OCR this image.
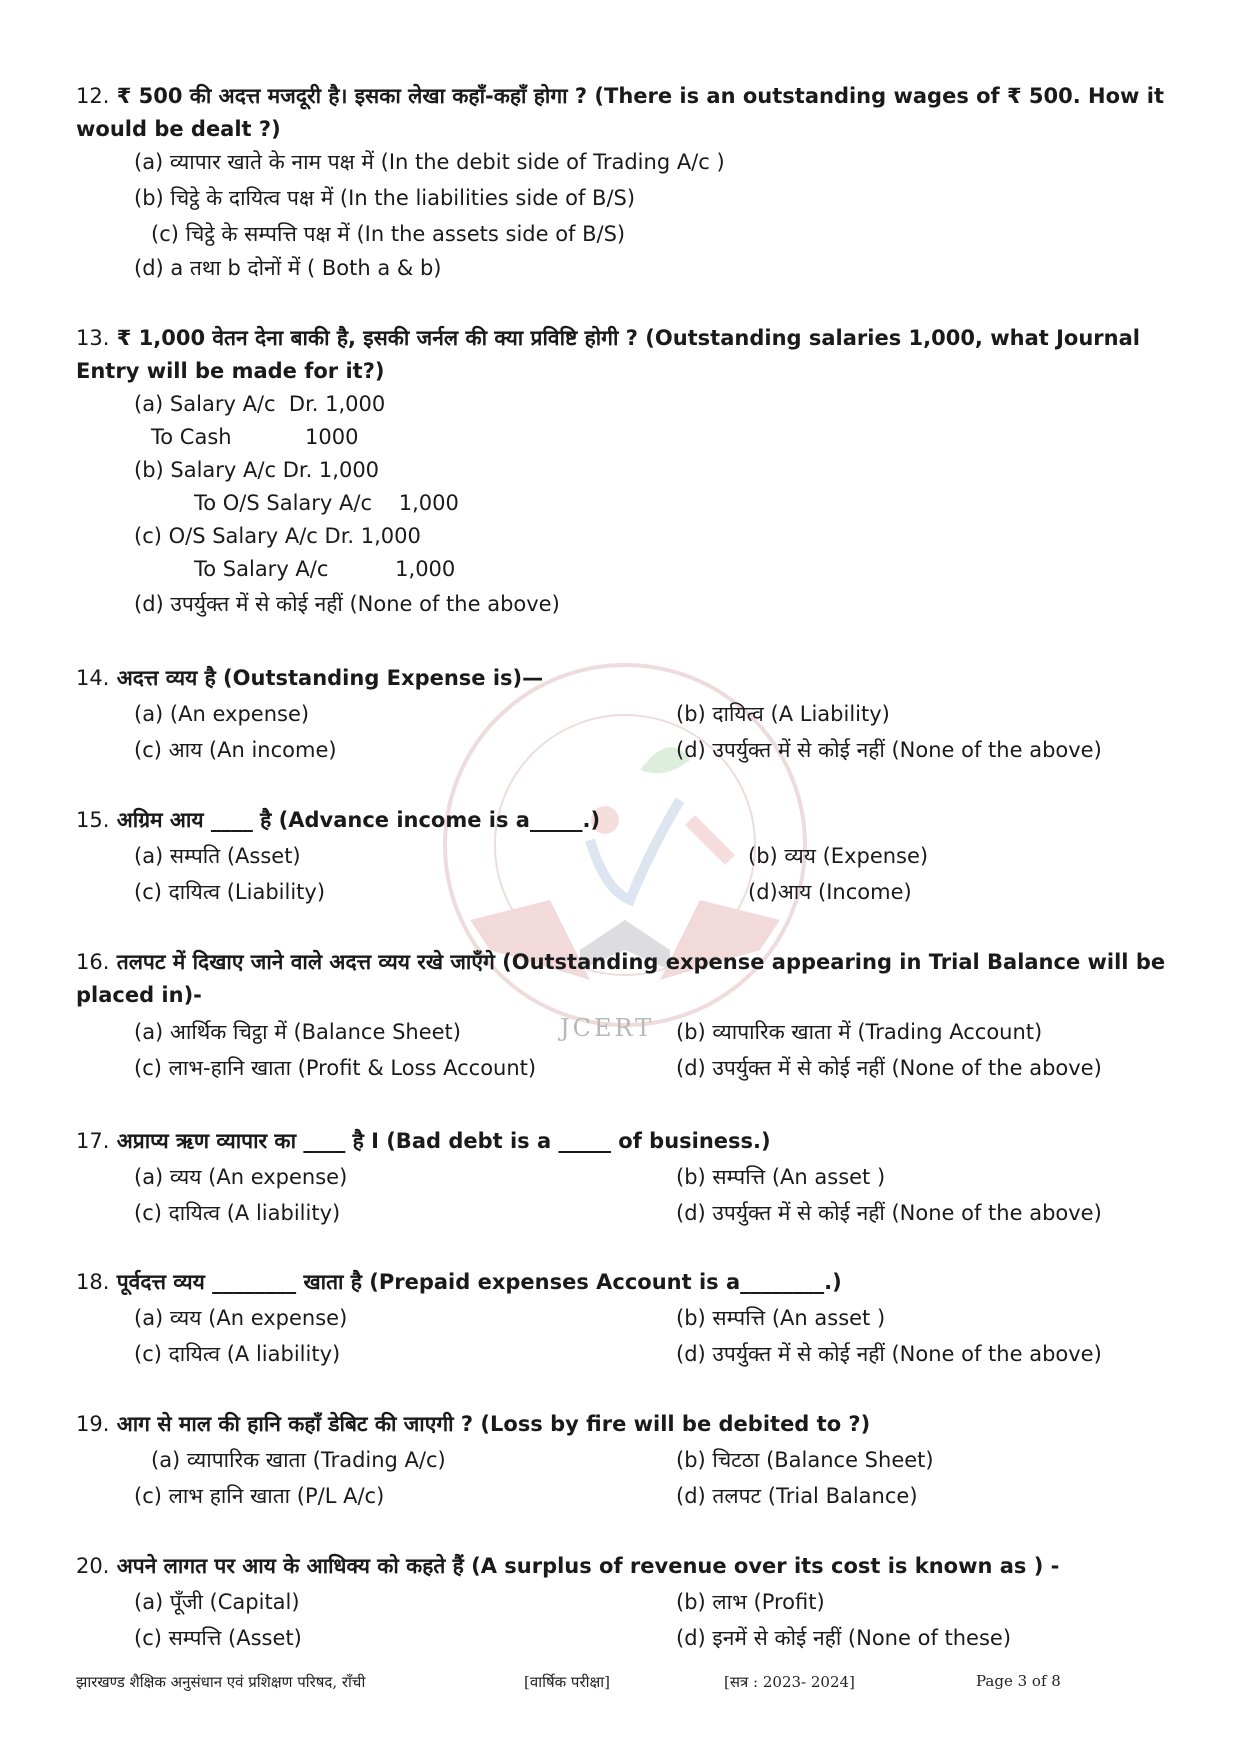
JCERT

12. ₹ 500 की अदत्त मजदूरी है। इसका लेखा कहाँ-कहाँ होगा ? (There is an outstanding wages of ₹ 500. How it would be dealt ?)

(a) व्यापार खाते के नाम पक्ष में (In the debit side of Trading A/c )
(b) चिट्ठे के दायित्व पक्ष में (In the liabilities side of B/S)
(c) चिट्ठे के सम्पत्ति पक्ष में (In the assets side of B/S)
(d) a तथा b दोनों में ( Both a & b)

13. ₹ 1,000 वेतन देना बाकी है, इसकी जर्नल की क्या प्रविष्टि होगी ? (Outstanding salaries 1,000, what Journal Entry will be made for it?)

(a) Salary A/c  Dr. 1,000
To Cash           1000
(b) Salary A/c Dr. 1,000
To O/S Salary A/c    1,000
(c) O/S Salary A/c Dr. 1,000
To Salary A/c          1,000
(d) उपर्युक्त में से कोई नहीं (None of the above)

14. अदत्त व्यय है (Outstanding Expense is)—

(a) (An expense)	(b) दायित्व (A Liability)
(c) आय (An income)	(d) उपर्युक्त में से कोई नहीं (None of the above)

15. अग्रिम आय ____ है (Advance income is a_____.)

(a) सम्पति (Asset)	(b) व्यय (Expense)
(c) दायित्व (Liability)	(d)आय (Income)

16. तलपट में दिखाए जाने वाले अदत्त व्यय रखे जाएँगे (Outstanding expense appearing in Trial Balance will be placed in)-

(a) आर्थिक चिट्ठा में (Balance Sheet)	(b) व्यापारिक खाता में (Trading Account)
(c) लाभ-हानि खाता (Profit & Loss Account)	(d) उपर्युक्त में से कोई नहीं (None of the above)

17. अप्राप्य ऋण व्यापार का ____ है I (Bad debt is a _____ of business.)

(a) व्यय (An expense)	(b) सम्पत्ति (An asset )
(c) दायित्व (A liability)	(d) उपर्युक्त में से कोई नहीं (None of the above)

18. पूर्वदत्त व्यय ________ खाता है (Prepaid expenses Account is a________.)

(a) व्यय (An expense)	(b) सम्पत्ति (An asset )
(c) दायित्व (A liability)	(d) उपर्युक्त में से कोई नहीं (None of the above)

19. आग से माल की हानि कहाँ डेबिट की जाएगी ? (Loss by fire will be debited to ?)

(a) व्यापारिक खाता (Trading A/c)	(b) चिटठा (Balance Sheet)
(c) लाभ हानि खाता (P/L A/c)	(d) तलपट (Trial Balance)

20. अपने लागत पर आय के आधिक्य को कहते हैं (A surplus of revenue over its cost is known as ) -

(a) पूँजी (Capital)	(b) लाभ (Profit)
(c) सम्पत्ति (Asset)	(d) इनमें से कोई नहीं (None of these)
झारखण्ड शैक्षिक अनुसंधान एवं प्रशिक्षण परिषद, राँची	[वार्षिक परीक्षा]	[सत्र : 2023- 2024]	Page 3 of 8
